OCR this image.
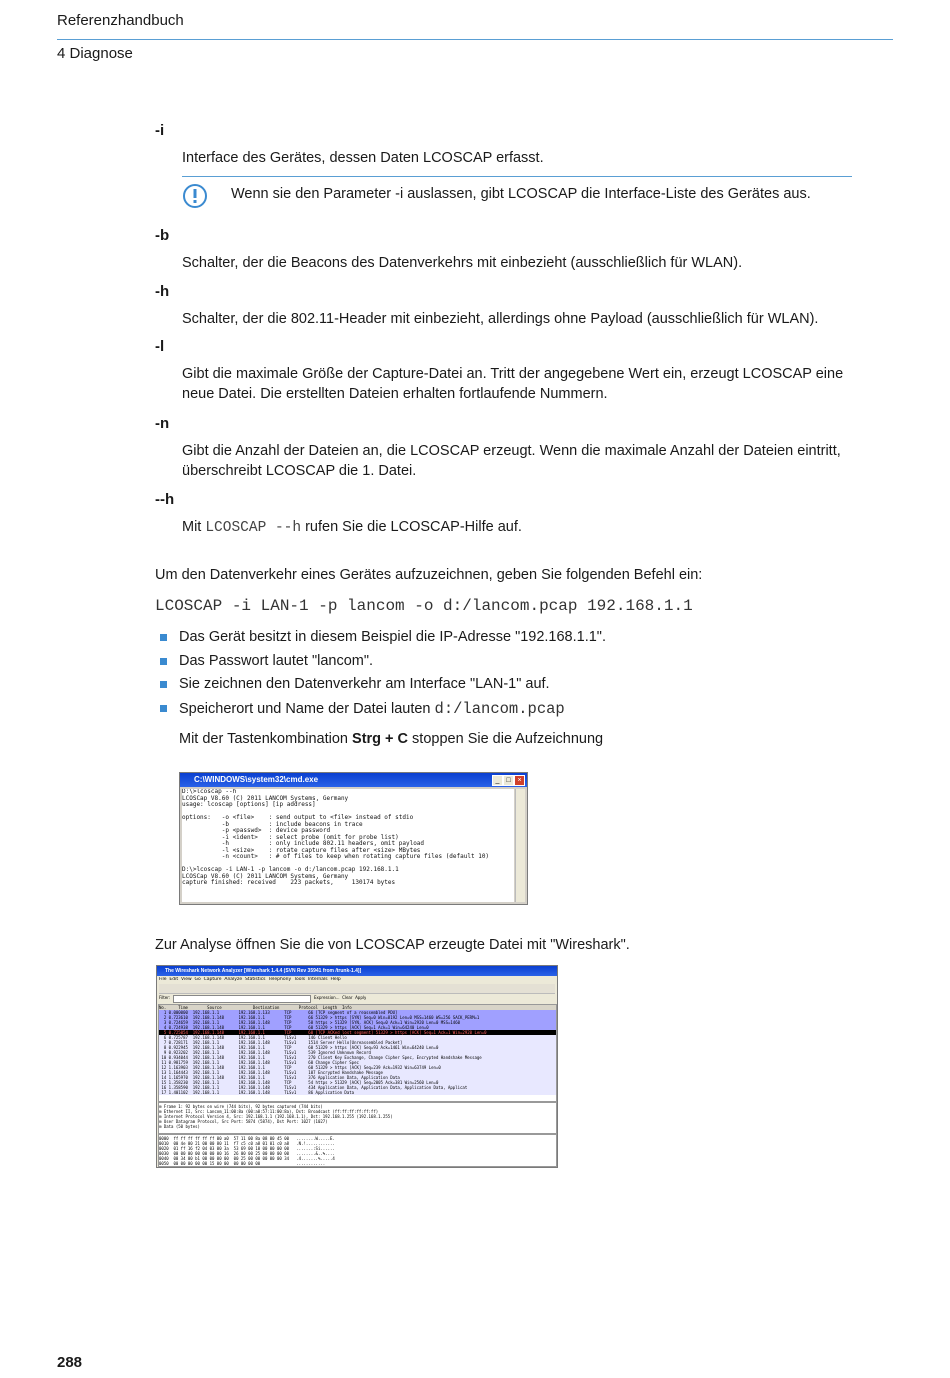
Referenzhandbuch
4 Diagnose
-i
Interface des Gerätes, dessen Daten LCOSCAP erfasst.
Wenn sie den Parameter -i auslassen, gibt LCOSCAP die Interface-Liste des Gerätes aus.
-b
Schalter, der die Beacons des Datenverkehrs mit einbezieht (ausschließlich für WLAN).
-h
Schalter, der die 802.11-Header mit einbezieht, allerdings ohne Payload (ausschließlich für WLAN).
-l
Gibt die maximale Größe der Capture-Datei an. Tritt der angegebene Wert ein, erzeugt LCOSCAP eine neue Datei. Die erstellten Dateien erhalten fortlaufende Nummern.
-n
Gibt die Anzahl der Dateien an, die LCOSCAP erzeugt. Wenn die maximale Anzahl der Dateien eintritt, überschreibt LCOSCAP die 1. Datei.
--h
Mit LCOSCAP --h rufen Sie die LCOSCAP-Hilfe auf.
Um den Datenverkehr eines Gerätes aufzuzeichnen, geben Sie folgenden Befehl ein:
LCOSCAP -i LAN-1 -p lancom -o d:/lancom.pcap 192.168.1.1
Das Gerät besitzt in diesem Beispiel die IP-Adresse "192.168.1.1".
Das Passwort lautet "lancom".
Sie zeichnen den Datenverkehr am Interface "LAN-1" auf.
Speicherort und Name der Datei lauten d:/lancom.pcap
Mit der Tastenkombination Strg + C stoppen Sie die Aufzeichnung
C:\WINDOWS\system32\cmd.exe	_ □ ×
D:\>lcoscap --h
LCOSCap V8.60 (C) 2011 LANCOM Systems, Germany
usage: lcoscap [options] [ip address]

options:   -o <file>    : send output to <file> instead of stdio
-b           : include beacons in trace
-p <passwd>  : device password
-i <ident>   : select probe (omit for probe list)
-h           : only include 802.11 headers, omit payload
-l <size>    : rotate capture files after <size> MBytes
-n <count>   : # of files to keep when rotating capture files (default 10)

D:\>lcoscap -i LAN-1 -p lancom -o d:/lancom.pcap 192.168.1.1
LCOSCap V8.60 (C) 2011 LANCOM Systems, Germany
capture finished: received    223 packets,     130174 bytes
Zur Analyse öffnen Sie die von LCOSCAP erzeugte Datei mit "Wireshark".
The Wireshark Network Analyzer [Wireshark 1.4.4 (SVN Rev 35941 from /trunk-1.4)]
File  Edit  View  Go  Capture  Analyze  Statistics  Telephony  Tools  Internals  Help
Filter:	Expression...  Clear  Apply
No.     Time        Source             Destination        Protocol  Length  Info
1 0.000000  192.168.1.1        192.168.1.133      TCP       66 [TCP segment of a reassembled PDU]
2 0.723610  192.168.1.148      192.168.1.1        TCP       66 51329 > https [SYN] Seq=0 Win=8192 Len=0 MSS=1460 WS=256 SACK_PERM=1
3 0.724659  192.168.1.1        192.168.1.148      TCP       58 https > 51329 [SYN, ACK] Seq=0 Ack=1 Win=2920 Len=0 MSS=1460
4 0.724938  192.168.1.148      192.168.1.1        TCP       60 51329 > https [ACK] Seq=1 Ack=1 Win=64240 Len=0
5 0.725054  192.168.1.148      192.168.1.1        TCP       60 [TCP ACKed lost segment] 51329 > https [ACK] Seq=1 Ack=1 Win=2920 Len=0
6 0.725787  192.168.1.148      192.168.1.1        TLSv1     146 Client Hello
7 0.728171  192.168.1.1        192.168.1.148      TLSv1     1514 Server Hello[Unreassembled Packet]
8 0.922945  192.168.1.148      192.168.1.1        TCP       60 51329 > https [ACK] Seq=93 Ack=1461 Win=64240 Len=0
9 0.923202  192.168.1.1        192.168.1.148      TLSv1     539 Ignored Unknown Record
10 0.934044  192.168.1.148      192.168.1.1        TLSv1     270 Client Key Exchange, Change Cipher Spec, Encrypted Handshake Message
11 0.981759  192.168.1.1        192.168.1.148      TLSv1     60 Change Cipher Spec
12 1.163903  192.168.1.148      192.168.1.1        TCP       60 51329 > https [ACK] Seq=239 Ack=1932 Win=63749 Len=0
13 1.164443  192.168.1.1        192.168.1.148      TLSv1     107 Encrypted Handshake Message
14 1.165970  192.168.1.148      192.168.1.1        TLSv1     376 Application Data, Application Data
15 1.358230  192.168.1.1        192.168.1.148      TCP       54 https > 51329 [ACK] Seq=2005 Ack=381 Win=2560 Len=0
16 1.358590  192.168.1.1        192.168.1.148      TLSv1     434 Application Data, Application Data, Application Data, Applicat
17 1.401102  192.168.1.1        192.168.1.148      TLSv1     86 Application Data
⊞ Frame 1: 92 bytes on wire (744 bits), 92 bytes captured (744 bits)
⊞ Ethernet II, Src: Lancom_11:00:8a (00:a0:57:11:00:8a), Dst: Broadcast (ff:ff:ff:ff:ff:ff)
⊞ Internet Protocol Version 4, Src: 192.168.1.1 (192.168.1.1), Dst: 192.168.1.255 (192.168.1.255)
⊞ User Datagram Protocol, Src Port: 5874 (5874), Dst Port: 1027 (1027)
⊞ Data (50 bytes)
0000  ff ff ff ff ff ff 00 a0  57 11 00 8a 08 00 45 00   ........W.....E.
0010  00 4e 00 21 00 00 80 11  f7 c5 c0 a8 01 01 c0 a8   .N.!............
0020  01 ff 16 f2 04 03 00 3a  53 69 00 10 00 00 00 00   .......:Si......
0030  00 00 00 00 00 00 00 16  26 00 00 25 00 00 00 00   ........&..%....
0040  00 34 00 b1 00 00 00 00  00 25 00 00 00 00 00 34   .4.......%.....4
0050  00 00 00 00 00 15 00 00  00 00 00 00               ............
288
